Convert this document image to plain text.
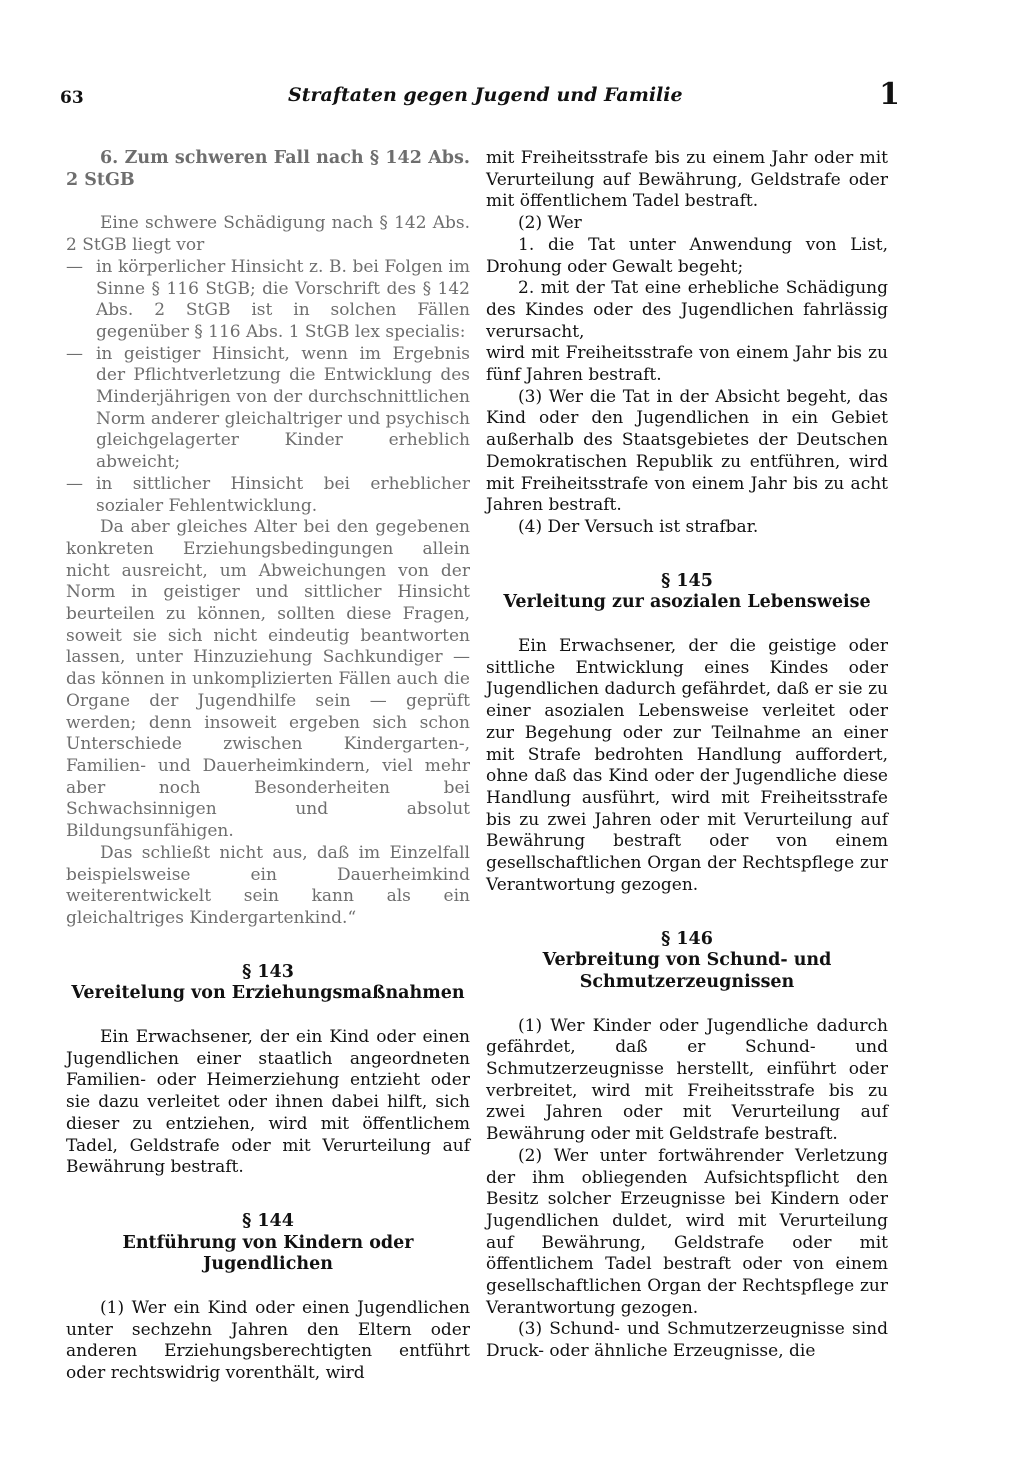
63	Straftaten gegen Jugend und Familie	1

6. Zum schweren Fall nach § 142 Abs. 2 StGB

Eine schwere Schädigung nach § 142 Abs. 2 StGB liegt vor

— in körperlicher Hinsicht z. B. bei Folgen im Sinne § 116 StGB; die Vorschrift des § 142 Abs. 2 StGB ist in solchen Fällen gegenüber § 116 Abs. 1 StGB lex specialis:
— in geistiger Hinsicht, wenn im Ergebnis der Pflichtverletzung die Entwicklung des Minderjährigen von der durchschnittlichen Norm anderer gleichaltriger und psychisch gleichgelagerter Kinder erheblich abweicht;
— in sittlicher Hinsicht bei erheblicher sozialer Fehlentwicklung.

Da aber gleiches Alter bei den gegebenen konkreten Erziehungsbedingungen allein nicht ausreicht, um Abweichungen von der Norm in geistiger und sittlicher Hinsicht beurteilen zu können, sollten diese Fragen, soweit sie sich nicht eindeutig beantworten lassen, unter Hinzuziehung Sachkundiger — das können in unkomplizierten Fällen auch die Organe der Jugendhilfe sein — geprüft werden; denn insoweit ergeben sich schon Unterschiede zwischen Kindergarten-, Familien- und Dauerheimkindern, viel mehr aber noch Besonderheiten bei Schwachsinnigen und absolut Bildungsunfähigen.

Das schließt nicht aus, daß im Einzelfall beispielsweise ein Dauerheimkind weiterentwickelt sein kann als ein gleichaltriges Kindergartenkind.“

§ 143
Vereitelung von Erziehungsmaßnahmen

Ein Erwachsener, der ein Kind oder einen Jugendlichen einer staatlich angeordneten Familien- oder Heimerziehung entzieht oder sie dazu verleitet oder ihnen dabei hilft, sich dieser zu entziehen, wird mit öffentlichem Tadel, Geldstrafe oder mit Verurteilung auf Bewährung bestraft.

§ 144
Entführung von Kindern oder Jugendlichen

(1) Wer ein Kind oder einen Jugendlichen unter sechzehn Jahren den Eltern oder anderen Erziehungsberechtigten entführt oder rechtswidrig vorenthält, wird

mit Freiheitsstrafe bis zu einem Jahr oder mit Verurteilung auf Bewährung, Geldstrafe oder mit öffentlichem Tadel bestraft.

(2) Wer

1. die Tat unter Anwendung von List, Drohung oder Gewalt begeht;

2. mit der Tat eine erhebliche Schädigung des Kindes oder des Jugendlichen fahrlässig verursacht,

wird mit Freiheitsstrafe von einem Jahr bis zu fünf Jahren bestraft.

(3) Wer die Tat in der Absicht begeht, das Kind oder den Jugendlichen in ein Gebiet außerhalb des Staatsgebietes der Deutschen Demokratischen Republik zu entführen, wird mit Freiheitsstrafe von einem Jahr bis zu acht Jahren bestraft.

(4) Der Versuch ist strafbar.

§ 145
Verleitung zur asozialen Lebensweise

Ein Erwachsener, der die geistige oder sittliche Entwicklung eines Kindes oder Jugendlichen dadurch gefährdet, daß er sie zu einer asozialen Lebensweise verleitet oder zur Begehung oder zur Teilnahme an einer mit Strafe bedrohten Handlung auffordert, ohne daß das Kind oder der Jugendliche diese Handlung ausführt, wird mit Freiheitsstrafe bis zu zwei Jahren oder mit Verurteilung auf Bewährung bestraft oder von einem gesellschaftlichen Organ der Rechtspflege zur Verantwortung gezogen.

§ 146
Verbreitung von Schund- und
Schmutzerzeugnissen

(1) Wer Kinder oder Jugendliche dadurch gefährdet, daß er Schund- und Schmutzerzeugnisse herstellt, einführt oder verbreitet, wird mit Freiheitsstrafe bis zu zwei Jahren oder mit Verurteilung auf Bewährung oder mit Geldstrafe bestraft.

(2) Wer unter fortwährender Verletzung der ihm obliegenden Aufsichtspflicht den Besitz solcher Erzeugnisse bei Kindern oder Jugendlichen duldet, wird mit Verurteilung auf Bewährung, Geldstrafe oder mit öffentlichem Tadel bestraft oder von einem gesellschaftlichen Organ der Rechtspflege zur Verantwortung gezogen.

(3) Schund- und Schmutzerzeugnisse sind Druck- oder ähnliche Erzeugnisse, die
